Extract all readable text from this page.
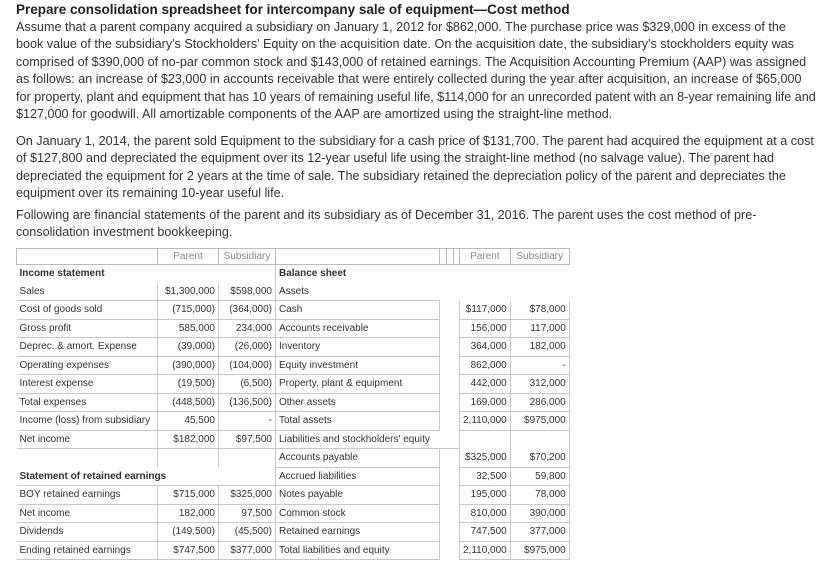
Prepare consolidation spreadsheet for intercompany sale of equipment—Cost method
Assume that a parent company acquired a subsidiary on January 1, 2012 for $862,000. The purchase price was $329,000 in excess of the book value of the subsidiary's Stockholders' Equity on the acquisition date. On the acquisition date, the subsidiary's stockholders equity was comprised of $390,000 of no-par common stock and $143,000 of retained earnings. The Acquisition Accounting Premium (AAP) was assigned as follows: an increase of $23,000 in accounts receivable that were entirely collected during the year after acquisition, an increase of $65,000 for property, plant and equipment that has 10 years of remaining useful life, $114,000 for an unrecorded patent with an 8-year remaining life and $127,000 for goodwill. All amortizable components of the AAP are amortized using the straight-line method.
On January 1, 2014, the parent sold Equipment to the subsidiary for a cash price of $131,700. The parent had acquired the equipment at a cost of $127,800 and depreciated the equipment over its 12-year useful life using the straight-line method (no salvage value). The parent had depreciated the equipment for 2 years at the time of sale. The subsidiary retained the depreciation policy of the parent and depreciates the equipment over its remaining 10-year useful life.
Following are financial statements of the parent and its subsidiary as of December 31, 2016. The parent uses the cost method of pre-consolidation investment bookkeeping.
	Parent	Subsidiary					Parent	Subsidiary
Income statement			Balance sheet					
Sales	$1,300,000	$598,000	Assets					
Cost of goods sold	(715,000)	(364,000)	Cash				$117,000	$78,000
Gross profit	585,000	234,000	Accounts receivable				156,000	117,000
Deprec. & amort. Expense	(39,000)	(26,000)	Inventory				364,000	182,000
Operating expenses	(390,000)	(104,000)	Equity investment				862,000	-
Interest expense	(19,500)	(6,500)	Property, plant & equipment				442,000	312,000
Total expenses	(448,500)	(136,500)	Other assets				169,000	286,000
Income (loss) from subsidiary	45,500	-	Total assets				2,110,000	$975,000
Net income	$182,000	$97,500	Liabilities and stockholders' equity					
			Accounts payable				$325,000	$70,200
Statement of retained earnings			Accrued liabilities				32,500	59,800
BOY retained earnings	$715,000	$325,000	Notes payable				195,000	78,000
Net income	182,000	97,500	Common stock				810,000	390,000
Dividends	(149,500)	(45,500)	Retained earnings				747,500	377,000
Ending retained earnings	$747,500	$377,000	Total liabilities and equity				2,110,000	$975,000
